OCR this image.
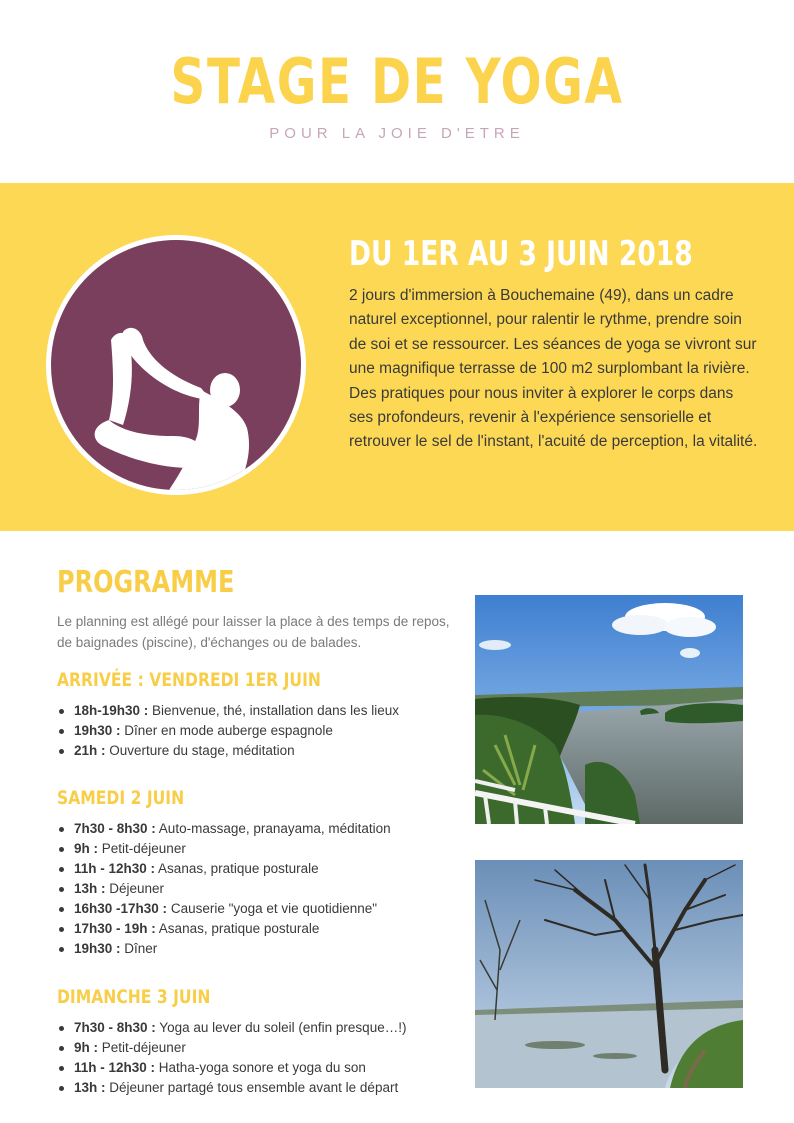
STAGE DE YOGA
POUR LA JOIE D'ETRE
DU 1ER AU 3 JUIN 2018
2 jours d'immersion à Bouchemaine (49), dans un cadre naturel exceptionnel, pour ralentir le rythme, prendre soin de soi et se ressourcer. Les séances de yoga se vivront sur une magnifique terrasse de 100 m2 surplombant la rivière. Des pratiques pour nous inviter à explorer le corps dans ses profondeurs, revenir à l'expérience sensorielle et retrouver le sel de l'instant, l'acuité de perception, la vitalité.
PROGRAMME
Le planning est allégé pour laisser la place à des temps de repos, de baignades (piscine), d'échanges ou de balades.
ARRIVÉE : VENDREDI 1ER JUIN
18h-19h30 : Bienvenue, thé, installation dans les lieux
19h30 : Dîner en mode auberge espagnole
21h : Ouverture du stage, méditation
SAMEDI 2 JUIN
7h30 - 8h30 : Auto-massage, pranayama, méditation
9h : Petit-déjeuner
11h - 12h30 : Asanas, pratique posturale
13h : Déjeuner
16h30 -17h30 : Causerie "yoga et vie quotidienne"
17h30 - 19h : Asanas, pratique posturale
19h30 : Dîner
DIMANCHE 3 JUIN
7h30 - 8h30 : Yoga au lever du soleil (enfin presque…!)
9h : Petit-déjeuner
11h - 12h30 : Hatha-yoga sonore et yoga du son
13h : Déjeuner partagé tous ensemble avant le départ
